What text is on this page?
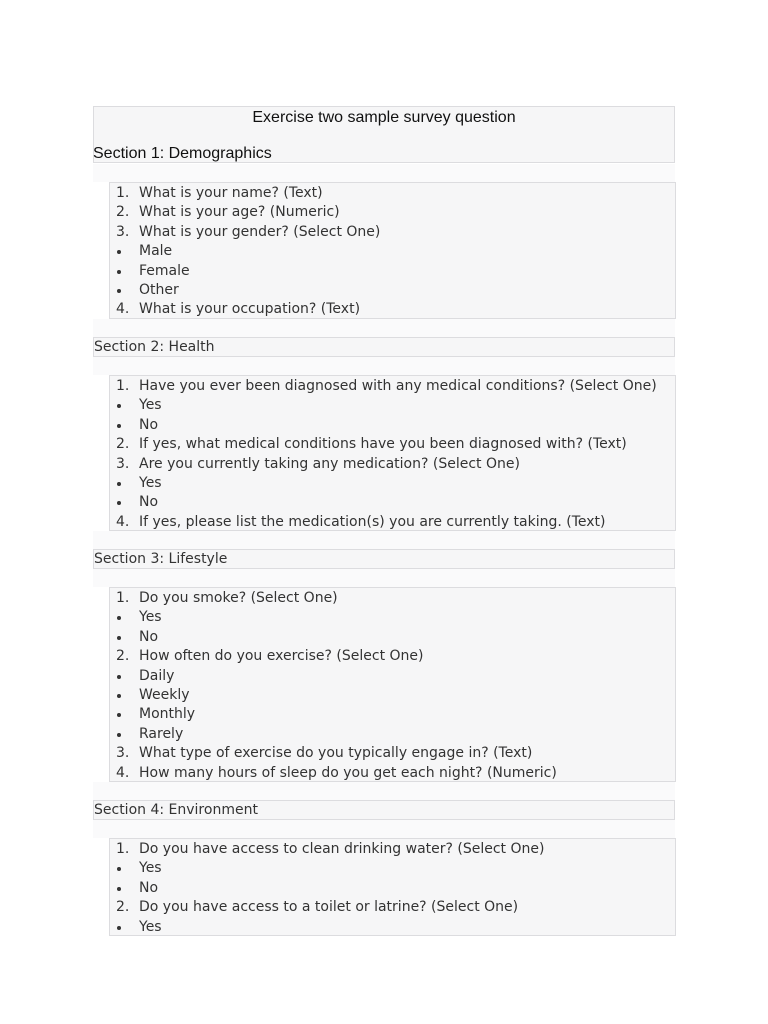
Exercise two sample survey question
Section 1: Demographics
1. What is your name? (Text)
2. What is your age? (Numeric)
3. What is your gender? (Select One)
Male
Female
Other
4. What is your occupation? (Text)
Section 2: Health
1. Have you ever been diagnosed with any medical conditions? (Select One)
Yes
No
2. If yes, what medical conditions have you been diagnosed with? (Text)
3. Are you currently taking any medication? (Select One)
Yes
No
4. If yes, please list the medication(s) you are currently taking. (Text)
Section 3: Lifestyle
1. Do you smoke? (Select One)
Yes
No
2. How often do you exercise? (Select One)
Daily
Weekly
Monthly
Rarely
3. What type of exercise do you typically engage in? (Text)
4. How many hours of sleep do you get each night? (Numeric)
Section 4: Environment
1. Do you have access to clean drinking water? (Select One)
Yes
No
2. Do you have access to a toilet or latrine? (Select One)
Yes
